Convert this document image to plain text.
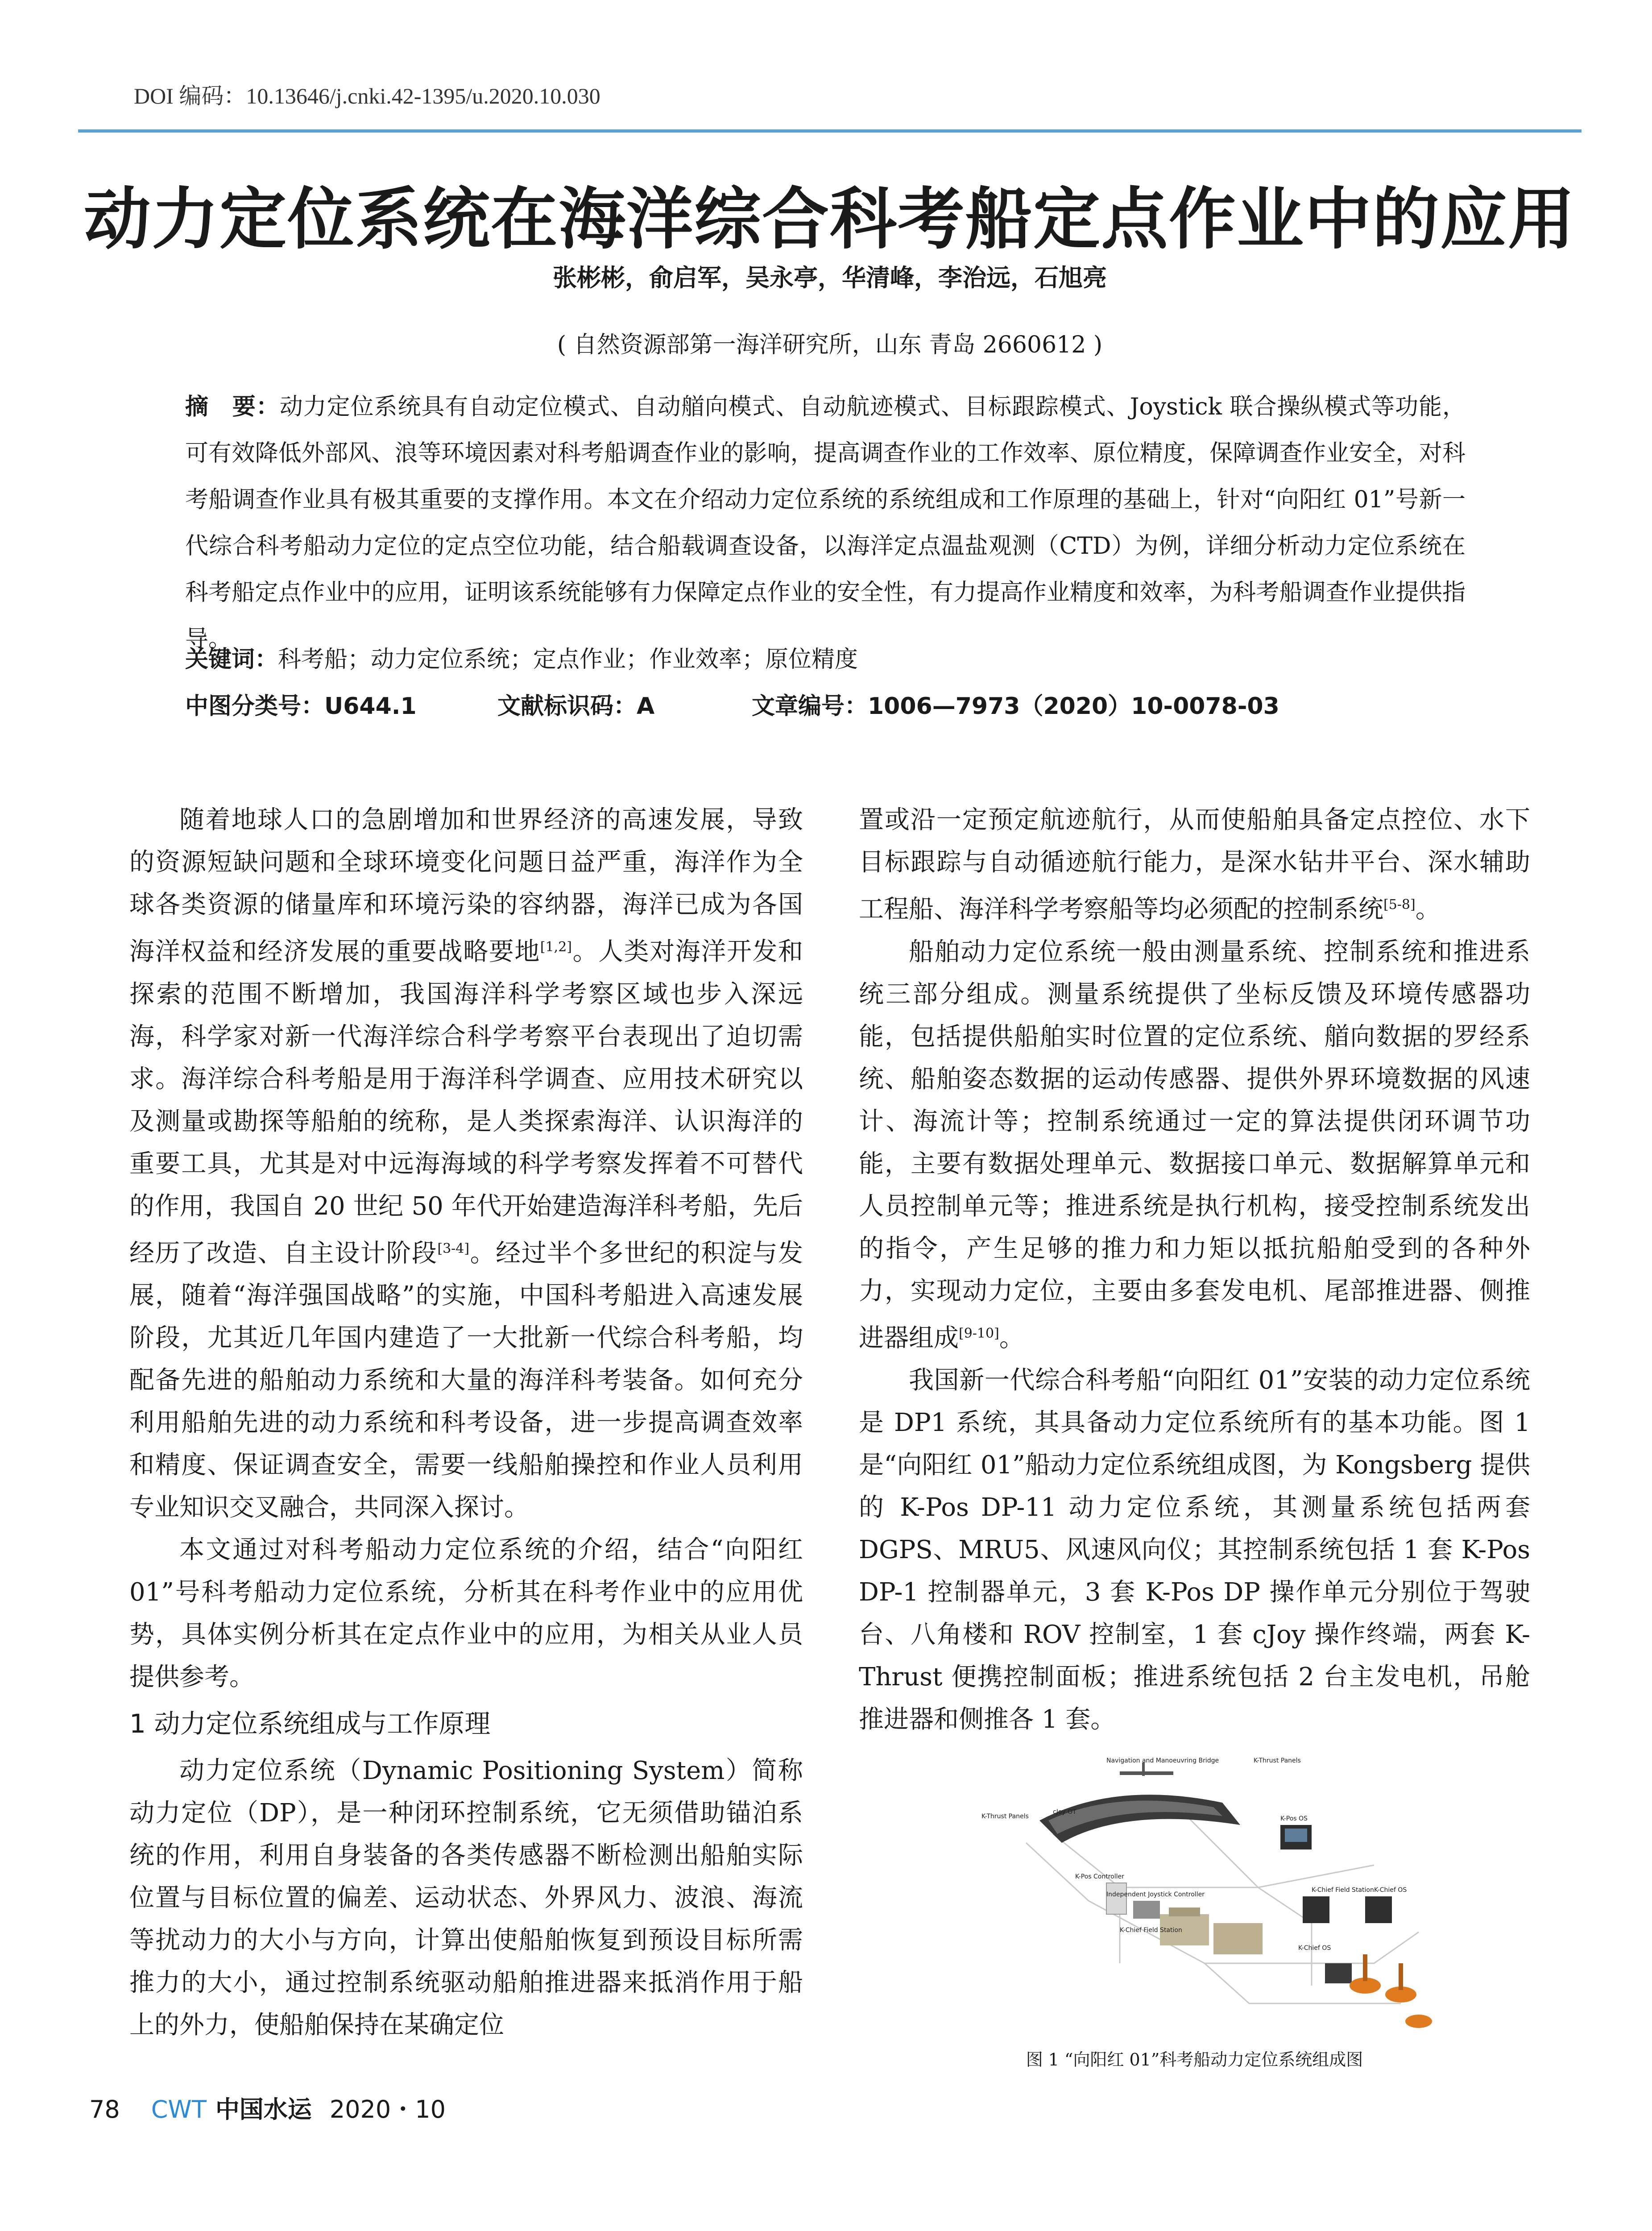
DOI 编码：10.13646/j.cnki.42-1395/u.2020.10.030
动力定位系统在海洋综合科考船定点作业中的应用
张彬彬，俞启军，吴永亭，华清峰，李治远，石旭亮
( 自然资源部第一海洋研究所，山东 青岛 2660612 )
摘　要：动力定位系统具有自动定位模式、自动艏向模式、自动航迹模式、目标跟踪模式、Joystick 联合操纵模式等功能，可有效降低外部风、浪等环境因素对科考船调查作业的影响，提高调查作业的工作效率、原位精度，保障调查作业安全，对科考船调查作业具有极其重要的支撑作用。本文在介绍动力定位系统的系统组成和工作原理的基础上，针对“向阳红 01”号新一代综合科考船动力定位的定点空位功能，结合船载调查设备，以海洋定点温盐观测（CTD）为例，详细分析动力定位系统在科考船定点作业中的应用，证明该系统能够有力保障定点作业的安全性，有力提高作业精度和效率，为科考船调查作业提供指导。
关键词：科考船；动力定位系统；定点作业；作业效率；原位精度
中图分类号：U644.1	文献标识码：A	文章编号：1006—7973（2020）10-0078-03

随着地球人口的急剧增加和世界经济的高速发展，导致的资源短缺问题和全球环境变化问题日益严重，海洋作为全球各类资源的储量库和环境污染的容纳器，海洋已成为各国海洋权益和经济发展的重要战略要地[1,2]。人类对海洋开发和探索的范围不断增加，我国海洋科学考察区域也步入深远海，科学家对新一代海洋综合科学考察平台表现出了迫切需求。海洋综合科考船是用于海洋科学调查、应用技术研究以及测量或勘探等船舶的统称，是人类探索海洋、认识海洋的重要工具，尤其是对中远海海域的科学考察发挥着不可替代的作用，我国自 20 世纪 50 年代开始建造海洋科考船，先后经历了改造、自主设计阶段[3-4]。经过半个多世纪的积淀与发展，随着“海洋强国战略”的实施，中国科考船进入高速发展阶段，尤其近几年国内建造了一大批新一代综合科考船，均配备先进的船舶动力系统和大量的海洋科考装备。如何充分利用船舶先进的动力系统和科考设备，进一步提高调查效率和精度、保证调查安全，需要一线船舶操控和作业人员利用专业知识交叉融合，共同深入探讨。

本文通过对科考船动力定位系统的介绍，结合“向阳红 01”号科考船动力定位系统，分析其在科考作业中的应用优势，具体实例分析其在定点作业中的应用，为相关从业人员提供参考。

1 动力定位系统组成与工作原理

动力定位系统（Dynamic Positioning System）简称动力定位（DP），是一种闭环控制系统，它无须借助锚泊系统的作用，利用自身装备的各类传感器不断检测出船舶实际位置与目标位置的偏差、运动状态、外界风力、波浪、海流等扰动力的大小与方向，计算出使船舶恢复到预设目标所需推力的大小，通过控制系统驱动船舶推进器来抵消作用于船上的外力，使船舶保持在某确定位

置或沿一定预定航迹航行，从而使船舶具备定点控位、水下目标跟踪与自动循迹航行能力，是深水钻井平台、深水辅助工程船、海洋科学考察船等均必须配的控制系统[5-8]。

船舶动力定位系统一般由测量系统、控制系统和推进系统三部分组成。测量系统提供了坐标反馈及环境传感器功能，包括提供船舶实时位置的定位系统、艏向数据的罗经系统、船舶姿态数据的运动传感器、提供外界环境数据的风速计、海流计等；控制系统通过一定的算法提供闭环调节功能，主要有数据处理单元、数据接口单元、数据解算单元和人员控制单元等；推进系统是执行机构，接受控制系统发出的指令，产生足够的推力和力矩以抵抗船舶受到的各种外力，实现动力定位，主要由多套发电机、尾部推进器、侧推进器组成[9-10]。

我国新一代综合科考船“向阳红 01”安装的动力定位系统是 DP1 系统，其具备动力定位系统所有的基本功能。图 1 是“向阳红 01”船动力定位系统组成图，为 Kongsberg 提供的 K-Pos DP-11 动力定位系统，其测量系统包括两套 DGPS、MRU5、风速风向仪；其控制系统包括 1 套 K-Pos DP-1 控制器单元，3 套 K-Pos DP 操作单元分别位于驾驶台、八角楼和 ROV 控制室，1 套 cJoy 操作终端，两套 K-Thrust 便携控制面板；推进系统包括 2 台主发电机，吊舱推进器和侧推各 1 套。

Navigation and Manoeuvring Bridge	K-Thrust Panels
K-Thrust Panels
cJoy OT
K-Pos OS
K-Pos Controller
Independent Joystick Controller
K-Chief Field Station
K-Chief Field Station
K-Chief OS
K-Chief OS
图 1 “向阳红 01”科考船动力定位系统组成图
78 CWT 中国水运 2020・10
